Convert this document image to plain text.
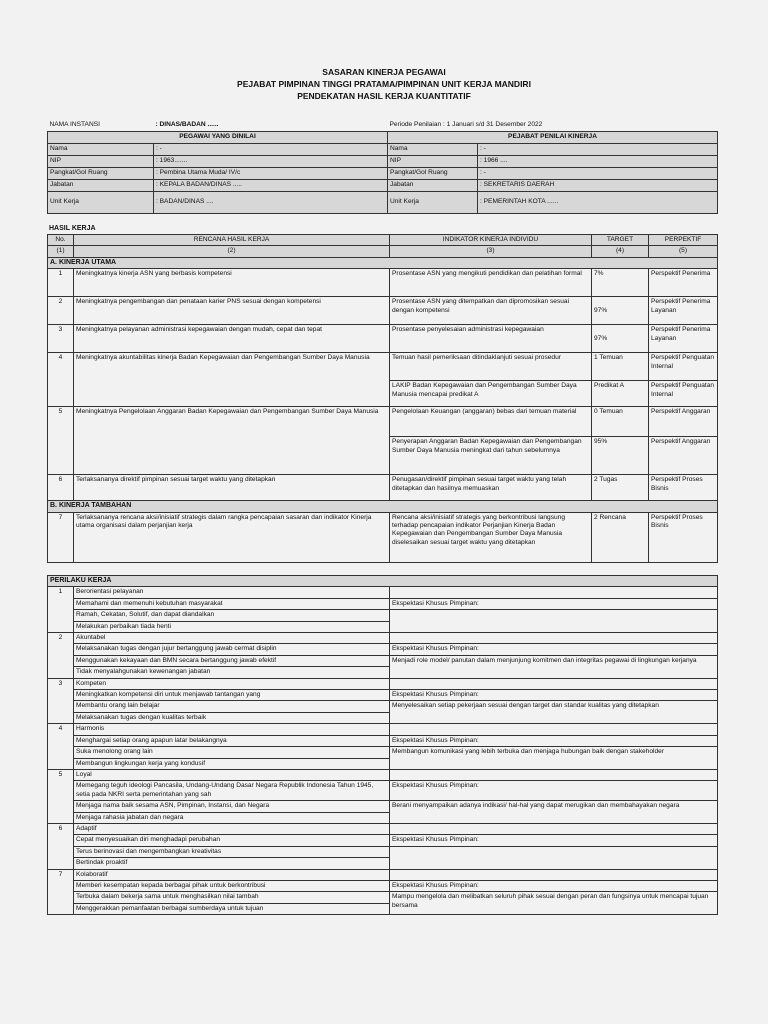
SASARAN KINERJA PEGAWAI
PEJABAT PIMPINAN TINGGI PRATAMA/PIMPINAN UNIT KERJA MANDIRI
PENDEKATAN HASIL KERJA KUANTITATIF
NAMA INSTANSI	: DINAS/BADAN ......	Periode Penilaian : 1 Januari s/d 31 Desember 2022	
PEGAWAI YANG DINILAI		PEJABAT PENILAI KINERJA	
Nama	: -	Nama	: -
NIP	: 1963.......	NIP	: 1966 ....
Pangkat/Gol Ruang	: Pembina Utama Muda/ IV/c	Pangkat/Gol Ruang	: -
Jabatan	: KEPALA BADAN/DINAS .....	Jabatan	: SEKRETARIS DAERAH
Unit Kerja	: BADAN/DINAS ....	Unit Kerja	: PEMERINTAH KOTA ......
HASIL KERJA
No.	RENCANA HASIL KERJA	INDIKATOR KINERJA INDIVIDU	TARGET	PERPEKTIF
(1)	(2)	(3)	(4)	(5)
A. KINERJA UTAMA				
1	Meningkatnya kinerja ASN yang berbasis kompetensi	Prosentase ASN yang mengikuti pendidikan dan pelatihan formal	7%	Perspektif Penerima
2	Meningkatnya pengembangan dan penataan karier PNS sesuai dengan kompetensi	Prosentase ASN yang ditempatkan dan dipromosikan sesuai dengan kompetensi	97%	Perspektif Penerima Layanan
3	Meningkatnya pelayanan administrasi kepegawaian dengan mudah, cepat dan tepat	Prosentase penyelesaian administrasi kepegawaian	97%	Perspektif Penerima Layanan
4	Meningkatnya akuntabilitas kinerja Badan Kepegawaian dan Pengembangan Sumber Daya Manusia	Temuan hasil pemeriksaan ditindaklanjuti sesuai prosedur	1 Temuan	Perspektif Penguatan Internal
		LAKIP Badan Kepegawaian dan Pengembangan Sumber Daya Manusia mencapai predikat A	Predikat A	Perspektif Penguatan Internal
5	Meningkatnya Pengelolaan Anggaran Badan Kepegawaian dan Pengembangan Sumber Daya Manusia	Pengelolaan Keuangan (anggaran) bebas dari temuan material	0 Temuan	Perspektif Anggaran
		Penyerapan Anggaran Badan Kepegawaian dan Pengembangan Sumber Daya Manusia meningkat dari tahun sebelumnya	95%	Perspektif Anggaran
6	Terlaksananya direktif pimpinan sesuai target waktu yang ditetapkan	Penugasan/direktif pimpinan sesuai target waktu yang telah ditetapkan dan hasilnya memuaskan	2 Tugas	Perspektif Proses Bisnis
B. KINERJA TAMBAHAN				
7	Terlaksananya rencana aksi/inisiatif strategis dalam rangka pencapaian sasaran dan indikator Kinerja utama organisasi dalam perjanjian kerja	Rencana aksi/inisiatif strategis yang berkontribusi langsung terhadap pencapaian indikator Perjanjian Kinerja Badan Kepegawaian dan Pengembangan Sumber Daya Manusia diselesaikan sesuai target waktu yang ditetapkan	2 Rencana	Perspektif Proses Bisnis
PERILAKU KERJA		
1	Berorientasi pelayanan	
	Memahami dan memenuhi kebutuhan masyarakat	Ekspektasi Khusus Pimpinan:
	Ramah, Cekatan, Solutif, dan dapat diandalkan	
	Melakukan perbaikan tiada henti	
2	Akuntabel	
	Melaksanakan tugas dengan jujur bertanggung jawab cermat disiplin	Ekspektasi Khusus Pimpinan:
	Menggunakan kekayaan dan BMN secara bertanggung jawab efektif	Menjadi role model/ panutan dalam menjunjung komitmen dan integritas pegawai di lingkungan kerjanya
	Tidak menyalahgunakan kewenangan jabatan	
3	Kompeten	
	Meningkatkan kompetensi diri untuk menjawab tantangan yang	Ekspektasi Khusus Pimpinan:
	Membantu orang lain belajar	Menyelesaikan setiap pekerjaan sesuai dengan target dan standar kualitas yang ditetapkan
	Melaksanakan tugas dengan kualitas terbaik	
4	Harmonis	
	Menghargai setiap orang apapun latar belakangnya	Ekspektasi Khusus Pimpinan:
	Suka menolong orang lain	Membangun komunikasi yang lebih terbuka dan menjaga hubungan baik dengan stakeholder
	Membangun lingkungan kerja yang kondusif	
5	Loyal	
	Memegang teguh ideologi Pancasila, Undang-Undang Dasar Negara Republik Indonesia Tahun 1945, setia pada NKRI serta pemerintahan yang sah	Ekspektasi Khusus Pimpinan:
	Menjaga nama baik sesama ASN, Pimpinan, Instansi, dan Negara	Berani menyampaikan adanya indikasi/ hal-hal yang dapat merugikan dan membahayakan negara
	Menjaga rahasia jabatan dan negara	
6	Adaptif	
	Cepat menyesuaikan diri menghadapi perubahan	Ekspektasi Khusus Pimpinan:
	Terus berinovasi dan mengembangkan kreativitas	
	Bertindak proaktif	
7	Kolaboratif	
	Memberi kesempatan kepada berbagai pihak untuk berkontribusi	Ekspektasi Khusus Pimpinan:
	Terbuka dalam bekerja sama untuk menghasilkan nilai tambah	Mampu mengelola dan melibatkan seluruh pihak sesuai dengan peran dan fungsinya untuk mencapai tujuan bersama
	Menggerakkan pemanfaatan berbagai sumberdaya untuk tujuan	
